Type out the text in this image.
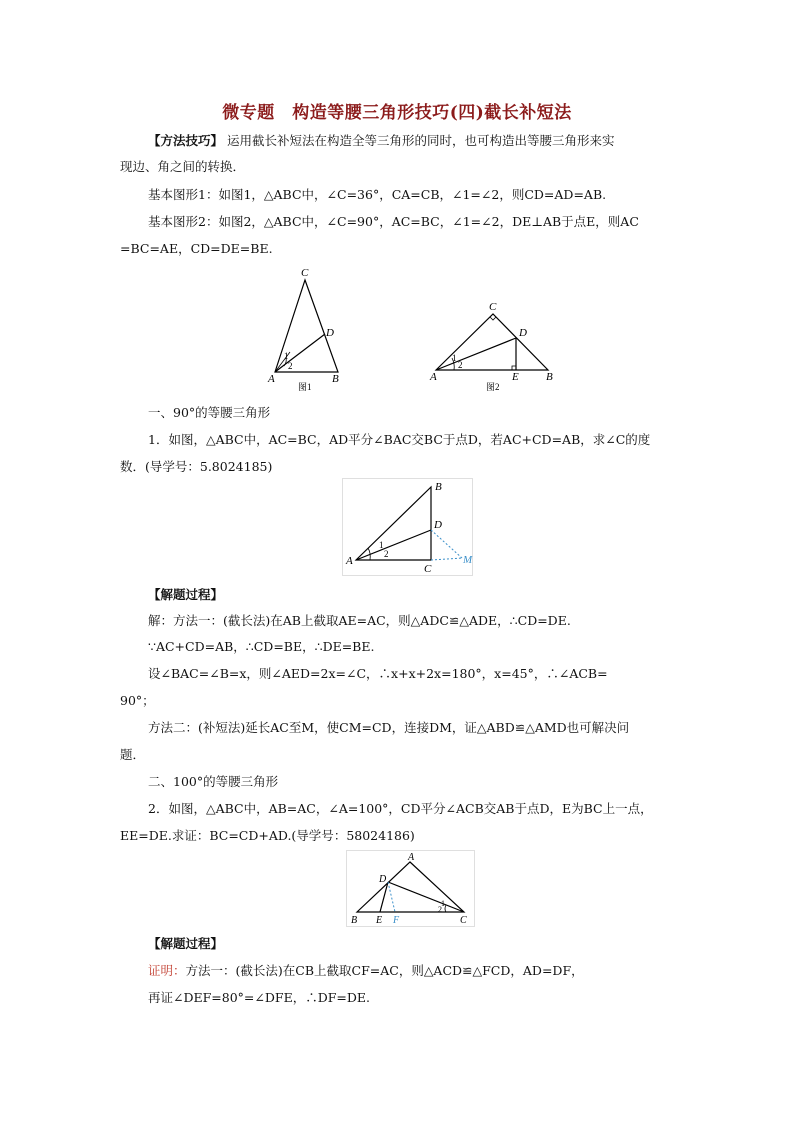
微专题　构造等腰三角形技巧(四)截长补短法
【方法技巧】 运用截长补短法在构造全等三角形的同时，也可构造出等腰三角形来实
现边、角之间的转换．
基本图形1：如图1，△ABC中，∠C=36°，CA=CB，∠1=∠2，则CD=AD=AB.
基本图形2：如图2，△ABC中，∠C=90°，AC=BC，∠1=∠2，DE⊥AB于点E，则AC
=BC=AE，CD=DE=BE.
C
D
A	B
1
2
图1
C
D
A	E B
1
2
图2
一、90°的等腰三角形
1．如图，△ABC中，AC=BC，AD平分∠BAC交BC于点D，若AC+CD=AB，求∠C的度
数．(导学号：5.8024185)
B
D
A
C
M
1
2
【解题过程】
解：方法一：(截长法)在AB上截取AE=AC，则△ADC≌△ADE，∴CD=DE.
∵AC+CD=AB，∴CD=BE，∴DE=BE.
设∠BAC=∠B=x，则∠AED=2x=∠C，∴x+x+2x=180°，x=45°，∴∠ACB=
90°；
方法二：(补短法)延长AC至M，使CM=CD，连接DM，证△ABD≌△AMD也可解决问
题．
二、100°的等腰三角形
2．如图，△ABC中，AB=AC，∠A=100°，CD平分∠ACB交AB于点D，E为BC上一点，
EE=DE.求证：BC=CD+AD.(导学号：58024186)
A
D
B E F	C
1
2
【解题过程】
证明：方法一：(截长法)在CB上截取CF=AC，则△ACD≌△FCD，AD=DF，
再证∠DEF=80°=∠DFE，∴DF=DE.
